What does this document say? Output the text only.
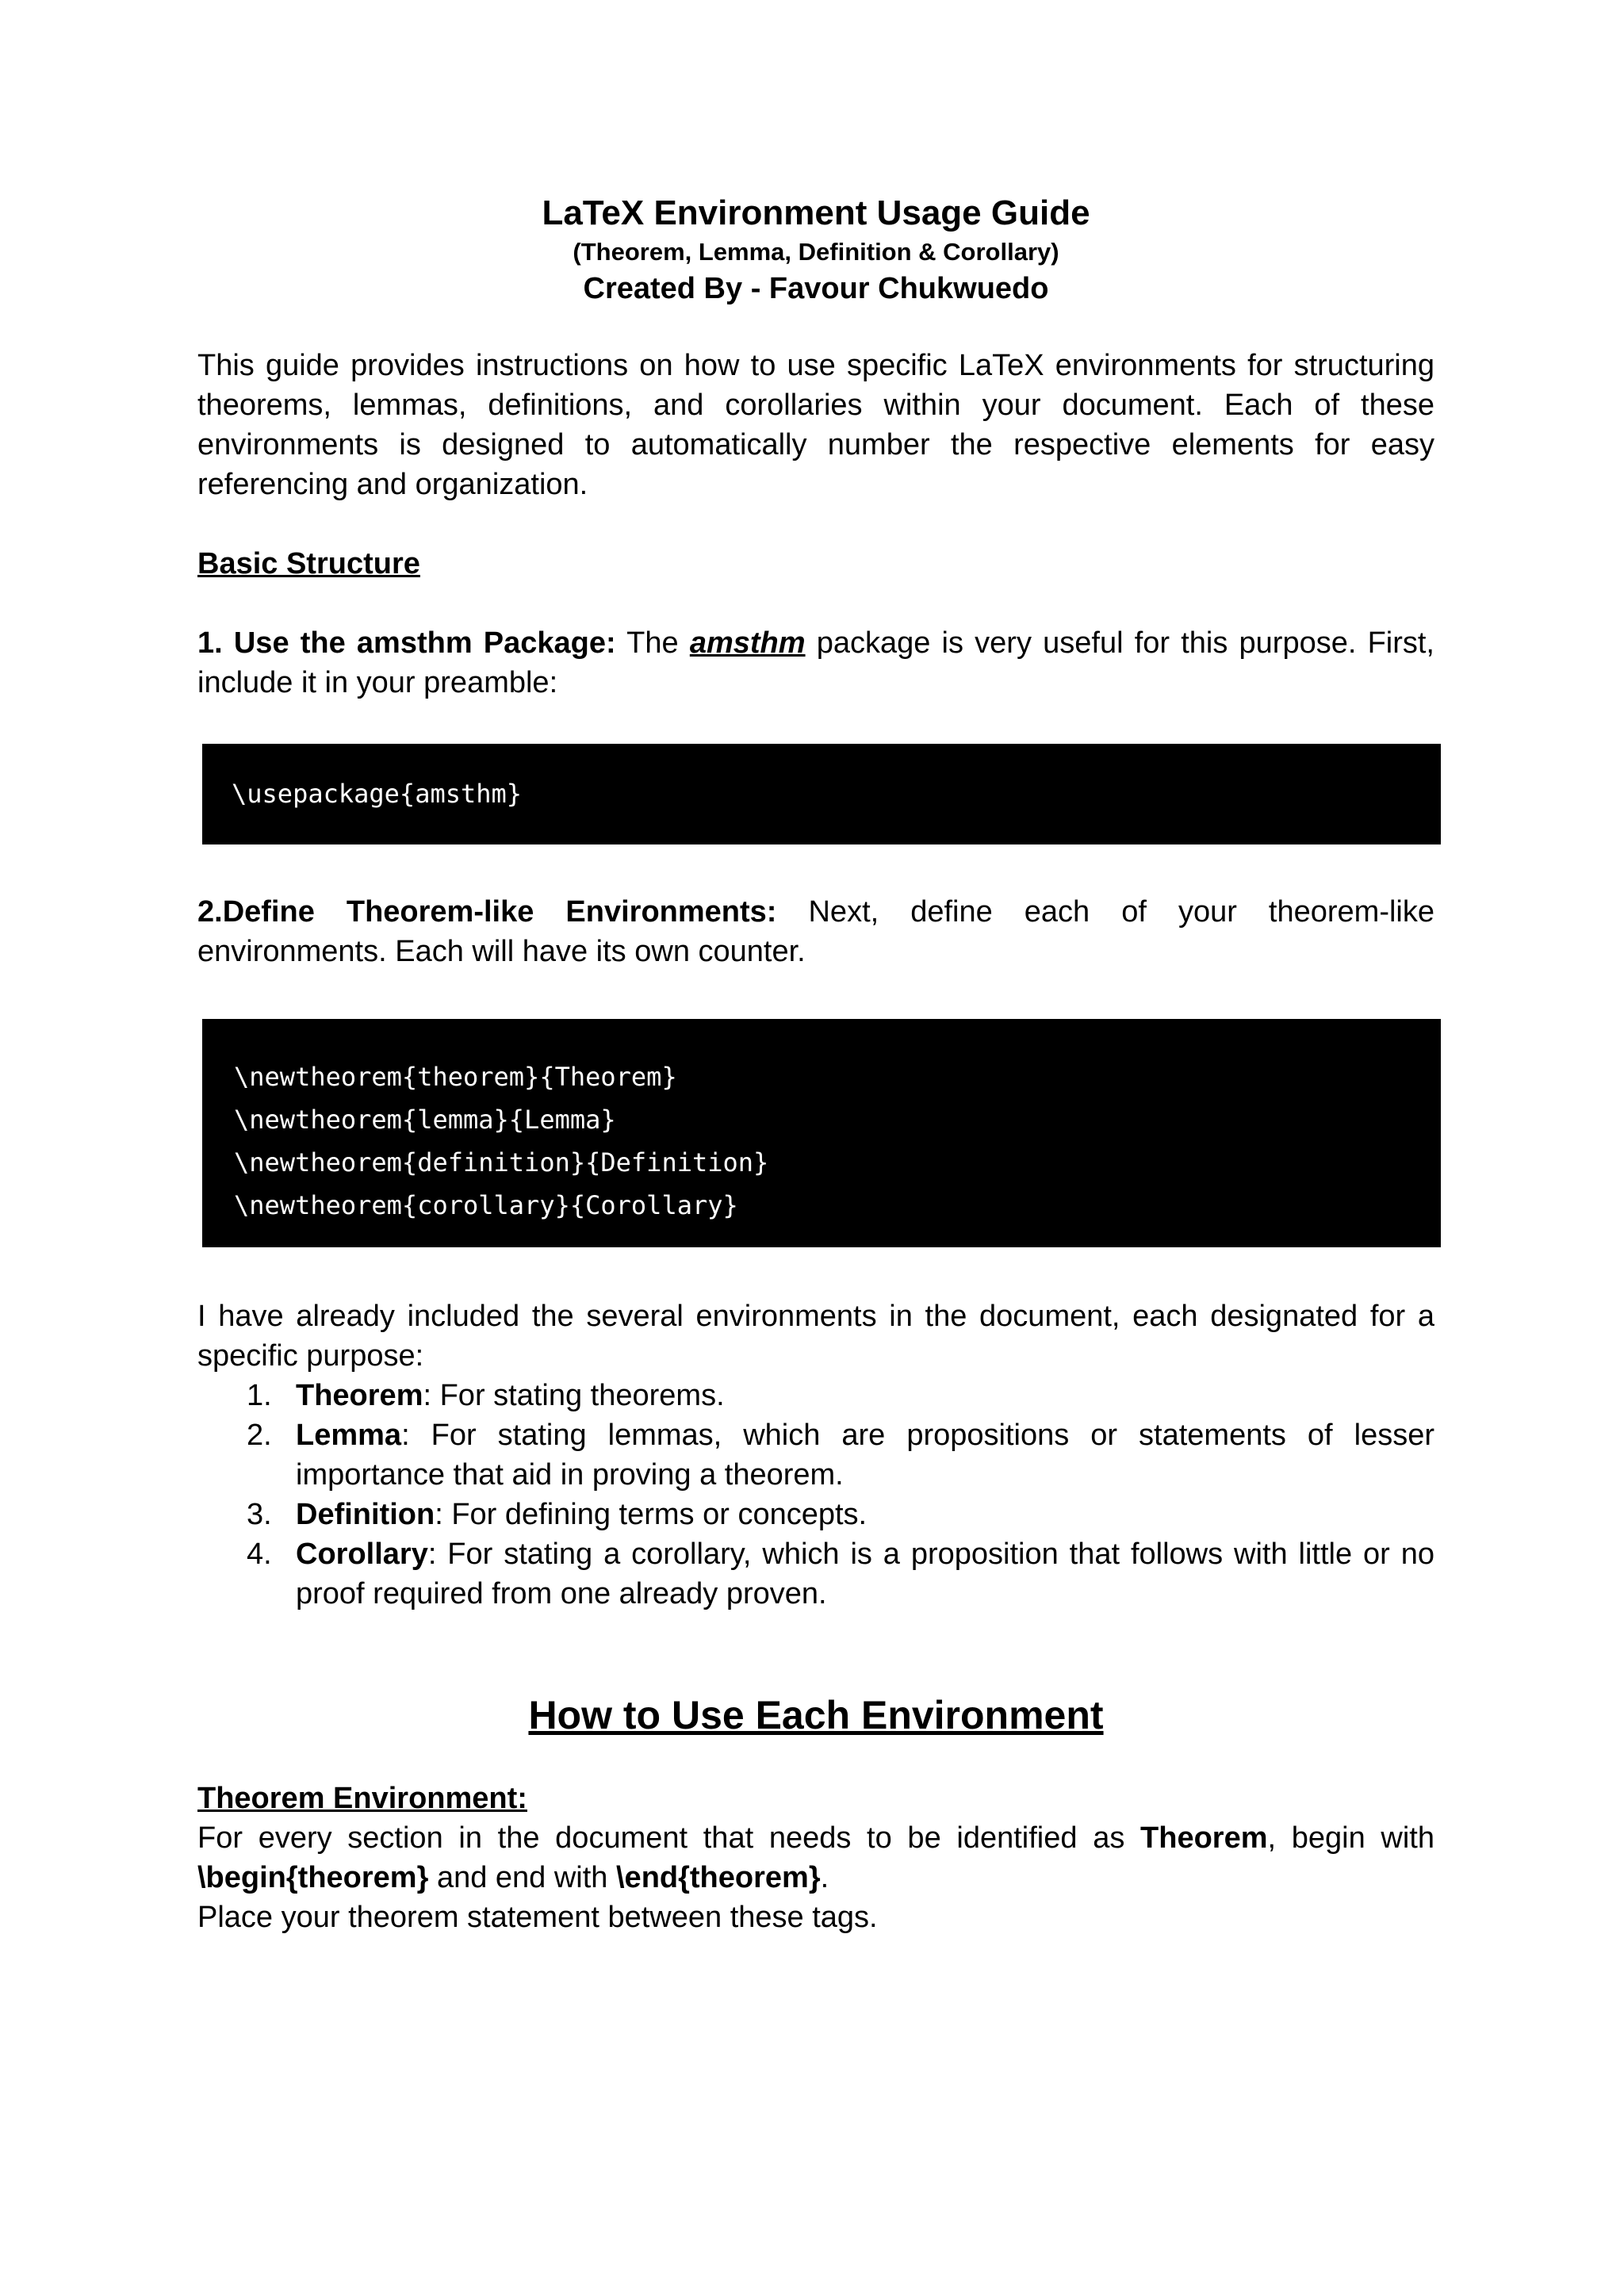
LaTeX Environment Usage Guide
(Theorem, Lemma, Definition & Corollary)
Created By - Favour Chukwuedo

This guide provides instructions on how to use specific LaTeX environments for structuring theorems, lemmas, definitions, and corollaries within your document. Each of these environments is designed to automatically number the respective elements for easy referencing and organization.

Basic Structure

1. Use the amsthm Package: The amsthm package is very useful for this purpose. First, include it in your preamble:

\usepackage{amsthm}

2.Define Theorem-like Environments: Next, define each of your theorem-like environments. Each will have its own counter.

\newtheorem{theorem}{Theorem}
\newtheorem{lemma}{Lemma}
\newtheorem{definition}{Definition}
\newtheorem{corollary}{Corollary}

I have already included the several environments in the document, each designated for a specific purpose:

1. Theorem: For stating theorems.
2. Lemma: For stating lemmas, which are propositions or statements of lesser importance that aid in proving a theorem.
3. Definition: For defining terms or concepts.
4. Corollary: For stating a corollary, which is a proposition that follows with little or no proof required from one already proven.
How to Use Each Environment
Theorem Environment:

For every section in the document that needs to be identified as Theorem, begin with \begin{theorem} and end with \end{theorem}.

Place your theorem statement between these tags.
